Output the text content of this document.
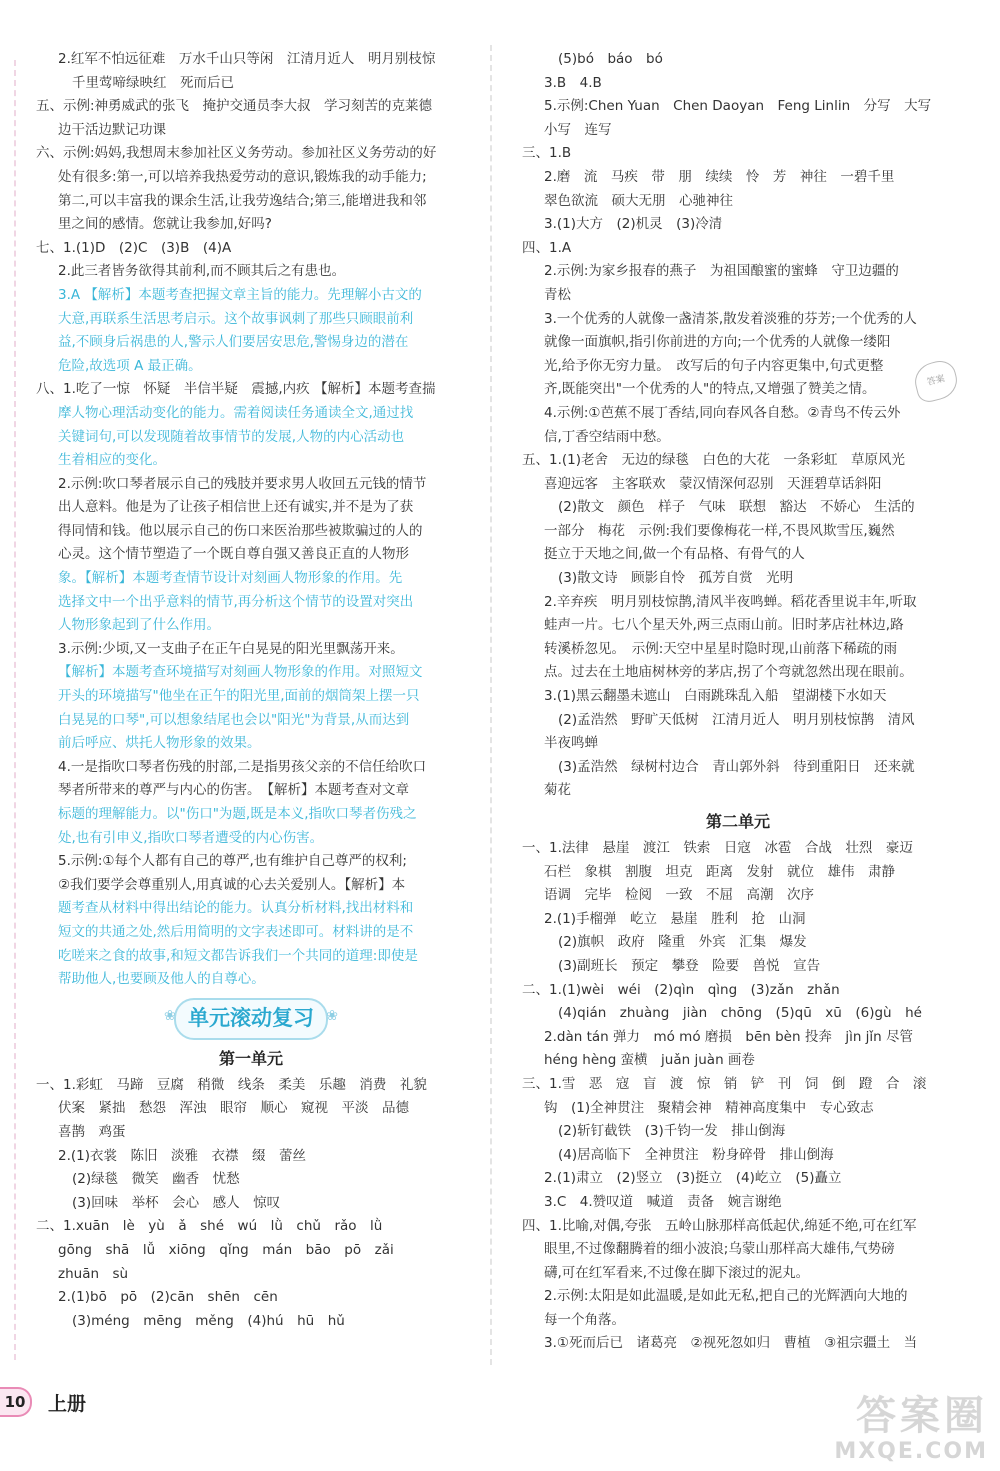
2.红军不怕远征难　万水千山只等闲　江清月近人　明月别枝惊
千里莺啼绿映红　死而后已
五、示例:神勇威武的张飞　掩护交通员李大叔　学习刻苦的克莱德
边干活边默记功课
六、示例:妈妈,我想周末参加社区义务劳动。参加社区义务劳动的好
处有很多:第一,可以培养我热爱劳动的意识,锻炼我的动手能力;
第二,可以丰富我的课余生活,让我劳逸结合;第三,能增进我和邻
里之间的感情。您就让我参加,好吗?
七、1.(1)D　(2)C　(3)B　(4)A
2.此三者皆务欲得其前利,而不顾其后之有患也。
3.A 【解析】本题考查把握文章主旨的能力。先理解小古文的
大意,再联系生活思考启示。这个故事讽刺了那些只顾眼前利
益,不顾身后祸患的人,警示人们要居安思危,警惕身边的潜在
危险,故选项 A 最正确。
八、1.吃了一惊　怀疑　半信半疑　震撼,内疚 【解析】本题考查揣
摩人物心理活动变化的能力。需着阅读任务通读全文,通过找
关键词句,可以发现随着故事情节的发展,人物的内心活动也
生着相应的变化。
2.示例:吹口琴者展示自己的残肢并要求男人收回五元钱的情节
出人意料。他是为了让孩子相信世上还有诚实,并不是为了获
得同情和钱。他以展示自己的伤口来医治那些被欺骗过的人的
心灵。这个情节塑造了一个既自尊自强又善良正直的人物形
象。【解析】本题考查情节设计对刻画人物形象的作用。先
选择文中一个出乎意料的情节,再分析这个情节的设置对突出
人物形象起到了什么作用。
3.示例:少顷,又一支曲子在正午白晃晃的阳光里飘荡开来。
【解析】本题考查环境描写对刻画人物形象的作用。对照短文
开头的环境描写"他坐在正午的阳光里,面前的烟筒架上摆一只
白晃晃的口琴",可以想象结尾也会以"阳光"为背景,从而达到
前后呼应、烘托人物形象的效果。
4.一是指吹口琴者伤残的肘部,二是指男孩父亲的不信任给吹口
琴者所带来的尊严与内心的伤害。　【解析】本题考查对文章
标题的理解能力。以"伤口"为题,既是本义,指吹口琴者伤残之
处,也有引申义,指吹口琴者遭受的内心伤害。
5.示例:①每个人都有自己的尊严,也有维护自己尊严的权利;
②我们要学会尊重别人,用真诚的心去关爱别人。【解析】本
题考查从材料中得出结论的能力。认真分析材料,找出材料和
短文的共通之处,然后用简明的文字表述即可。材料讲的是不
吃嗟来之食的故事,和短文都告诉我们一个共同的道理:即使是
帮助他人,也要顾及他人的自尊心。
❀ 单元滚动复习 ❀
第一单元
一、1.彩虹　马蹄　豆腐　稍微　线条　柔美　乐趣　消费　礼貌
伏案　紧拙　愁怨　浑浊　眼帘　顺心　窥视　平淡　品德
喜鹊　鸡蛋
2.(1)衣裳　陈旧　淡雅　衣襟　缀　蕾丝
(2)绿毯　微笑　幽香　忧愁
(3)回味　举杯　会心　感人　惊叹
二、1.xuān　lè　yù　ǎ　shé　wú　lǜ　chǔ　rǎo　lǜ
gōng　shā　lǚ　xiōng　qǐng　mán　bāo　pō　zǎi
zhuān　sù
2.(1)bō　pō　(2)cān　shēn　cēn
(3)méng　mēng　měng　(4)hú　hū　hǔ
(5)bó　báo　bó
3.B　4.B
5.示例:Chen Yuan　Chen Daoyan　Feng Linlin　分写　大写
小写　连写
三、1.B
2.磨　流　马疾　带　朋　续续　怜　芳　神往　一碧千里
翠色欲流　硕大无朋　心驰神往
3.(1)大方　(2)机灵　(3)冷清
四、1.A
2.示例:为家乡报春的燕子　为祖国酿蜜的蜜蜂　守卫边疆的
青松
3.一个优秀的人就像一盏清茶,散发着淡雅的芬芳;一个优秀的人
就像一面旗帜,指引你前进的方向;一个优秀的人就像一缕阳
光,给予你无穷力量。　改写后的句子内容更集中,句式更整
齐,既能突出"一个优秀的人"的特点,又增强了赞美之情。
4.示例:①芭蕉不展丁香结,同向春风各自愁。②青鸟不传云外
信,丁香空结雨中愁。
五、1.(1)老舍　无边的绿毯　白色的大花　一条彩虹　草原风光
喜迎远客　主客联欢　蒙汉情深何忍别　天涯碧草话斜阳
(2)散文　颜色　样子　气味　联想　豁达　不娇心　生活的
一部分　梅花　示例:我们要像梅花一样,不畏风欺雪压,巍然
挺立于天地之间,做一个有品格、有骨气的人
(3)散文诗　顾影自怜　孤芳自赏　光明
2.辛弃疾　明月别枝惊鹊,清风半夜鸣蝉。稻花香里说丰年,听取
蛙声一片。七八个星天外,两三点雨山前。旧时茅店社林边,路
转溪桥忽见。　示例:天空中星星时隐时现,山前落下稀疏的雨
点。过去在土地庙树林旁的茅店,拐了个弯就忽然出现在眼前。
3.(1)黑云翻墨未遮山　白雨跳珠乱入船　望湖楼下水如天
(2)孟浩然　野旷天低树　江清月近人　明月别枝惊鹊　清风
半夜鸣蝉
(3)孟浩然　绿树村边合　青山郭外斜　待到重阳日　还来就
菊花
第二单元
一、1.法律　悬崖　渡江　铁索　日寇　冰雹　合战　壮烈　豪迈
石栏　象棋　割腹　坦克　距离　发射　就位　雄伟　肃静
语调　完毕　检阅　一致　不屈　高潮　次序
2.(1)手榴弹　屹立　悬崖　胜利　抢　山洞
(2)旗帜　政府　隆重　外宾　汇集　爆发
(3)副班长　预定　攀登　险要　兽悦　宣告
二、1.(1)wèi　wéi　(2)qìn　qìng　(3)zǎn　zhǎn
(4)qián　zhuàng　jiàn　chōng　(5)qū　xū　(6)gù　hé
2.dàn tán 弹力　mó mó 磨损　bēn bèn 投奔　jìn jǐn 尽管
héng hèng 蛮横　juǎn juàn 画卷
三、1.雪　恶　寇　盲　渡　惊　销　铲　刊　饲　倒　蹬　合　滚
钩　(1)全神贯注　聚精会神　精神高度集中　专心致志
(2)斩钉截铁　(3)千钧一发　排山倒海
(4)居高临下　全神贯注　粉身碎骨　排山倒海
2.(1)肃立　(2)竖立　(3)挺立　(4)屹立　(5)矗立
3.C　4.赞叹道　喊道　责备　婉言谢绝
四、1.比喻,对偶,夸张　五岭山脉那样高低起伏,绵延不绝,可在红军
眼里,不过像翻腾着的细小波浪;乌蒙山那样高大雄伟,气势磅
礴,可在红军看来,不过像在脚下滚过的泥丸。
2.示例:太阳是如此温暖,是如此无私,把自己的光辉洒向大地的
每一个角落。
3.①死而后已　诸葛亮　②视死忽如归　曹植　③祖宗疆土　当
答案
10	上册	答案圈
MXQE.COM
